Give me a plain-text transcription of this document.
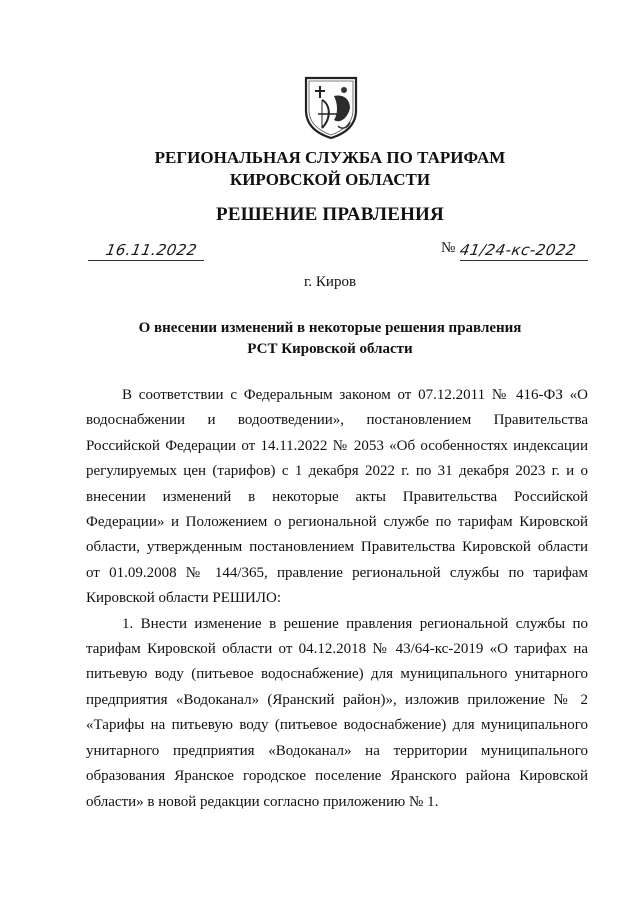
РЕГИОНАЛЬНАЯ СЛУЖБА ПО ТАРИФАМ
КИРОВСКОЙ ОБЛАСТИ
РЕШЕНИЕ ПРАВЛЕНИЯ
16.11.2022	№ 41/24-кс-2022
г. Киров
О внесении изменений в некоторые решения правления
РСТ Кировской области

В соответствии с Федеральным законом от 07.12.2011 № 416-ФЗ «О водоснабжении и водоотведении», постановлением Правительства Российской Федерации от 14.11.2022 № 2053 «Об особенностях индексации регулируемых цен (тарифов) с 1 декабря 2022 г. по 31 декабря 2023 г. и о внесении изменений в некоторые акты Правительства Российской Федерации» и Положением о региональной службе по тарифам Кировской области, утвержденным постановлением Правительства Кировской области от 01.09.2008 № 144/365, правление региональной службы по тарифам Кировской области РЕШИЛО:

1. Внести изменение в решение правления региональной службы по тарифам Кировской области от 04.12.2018 № 43/64-кс-2019 «О тарифах на питьевую воду (питьевое водоснабжение) для муниципального унитарного предприятия «Водоканал» (Яранский район)», изложив приложение № 2 «Тарифы на питьевую воду (питьевое водоснабжение) для муниципального унитарного предприятия «Водоканал» на территории муниципального образования Яранское городское поселение Яранского района Кировской области» в новой редакции согласно приложению № 1.
